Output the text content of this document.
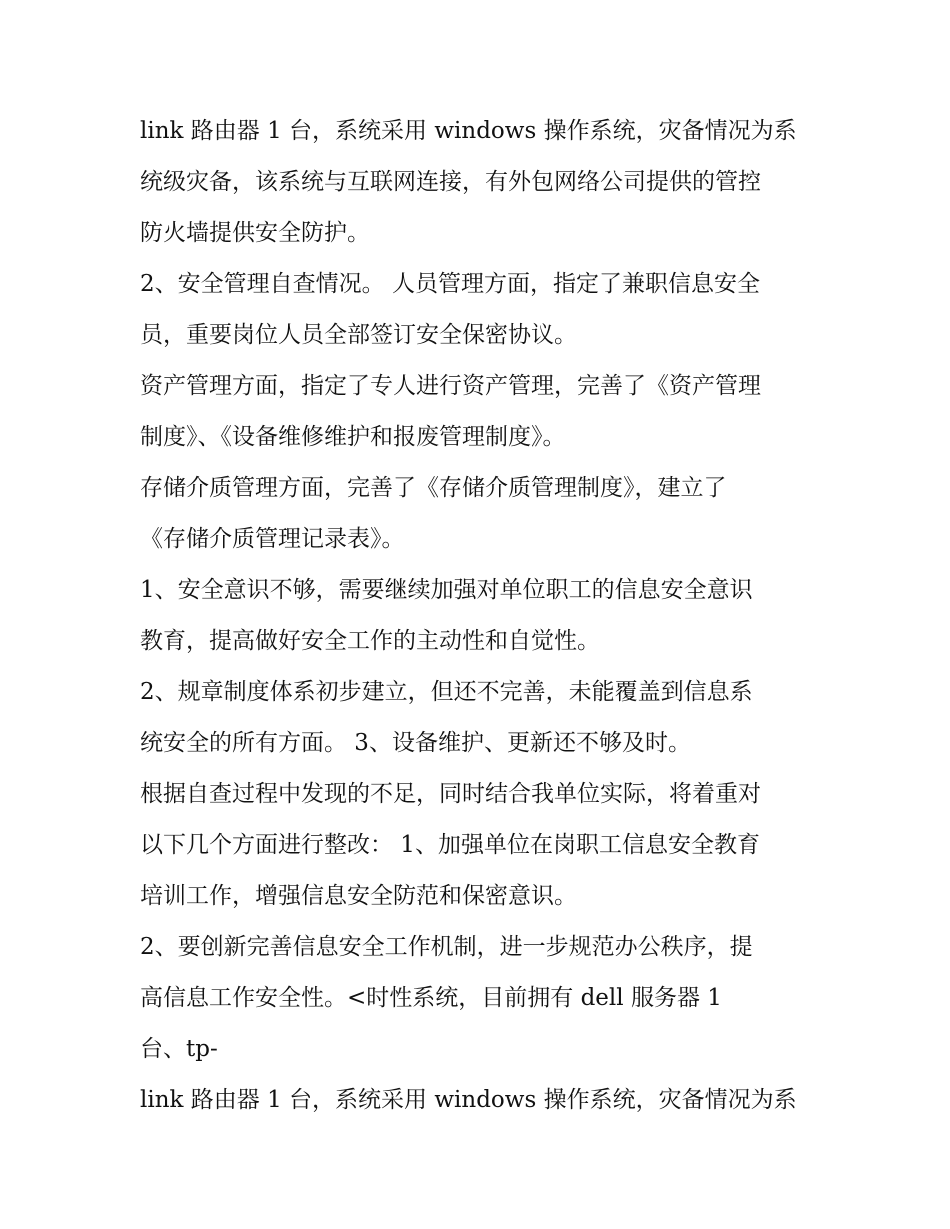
link 路由器 1 台，系统采用 windows 操作系统，灾备情况为系
统级灾备，该系统与互联网连接，有外包网络公司提供的管控
防火墙提供安全防护。
2、安全管理自查情况。 人员管理方面，指定了兼职信息安全
员，重要岗位人员全部签订安全保密协议。
资产管理方面，指定了专人进行资产管理，完善了《资产管理
制度》、《设备维修维护和报废管理制度》。
存储介质管理方面，完善了《存储介质管理制度》，建立了
《存储介质管理记录表》。
1、安全意识不够，需要继续加强对单位职工的信息安全意识
教育，提高做好安全工作的主动性和自觉性。
2、规章制度体系初步建立，但还不完善，未能覆盖到信息系
统安全的所有方面。 3、设备维护、更新还不够及时。
根据自查过程中发现的不足，同时结合我单位实际，将着重对
以下几个方面进行整改： 1、加强单位在岗职工信息安全教育
培训工作，增强信息安全防范和保密意识。
2、要创新完善信息安全工作机制，进一步规范办公秩序，提
高信息工作安全性。<时性系统，目前拥有 dell 服务器 1
台、tp-
link 路由器 1 台，系统采用 windows 操作系统，灾备情况为系
